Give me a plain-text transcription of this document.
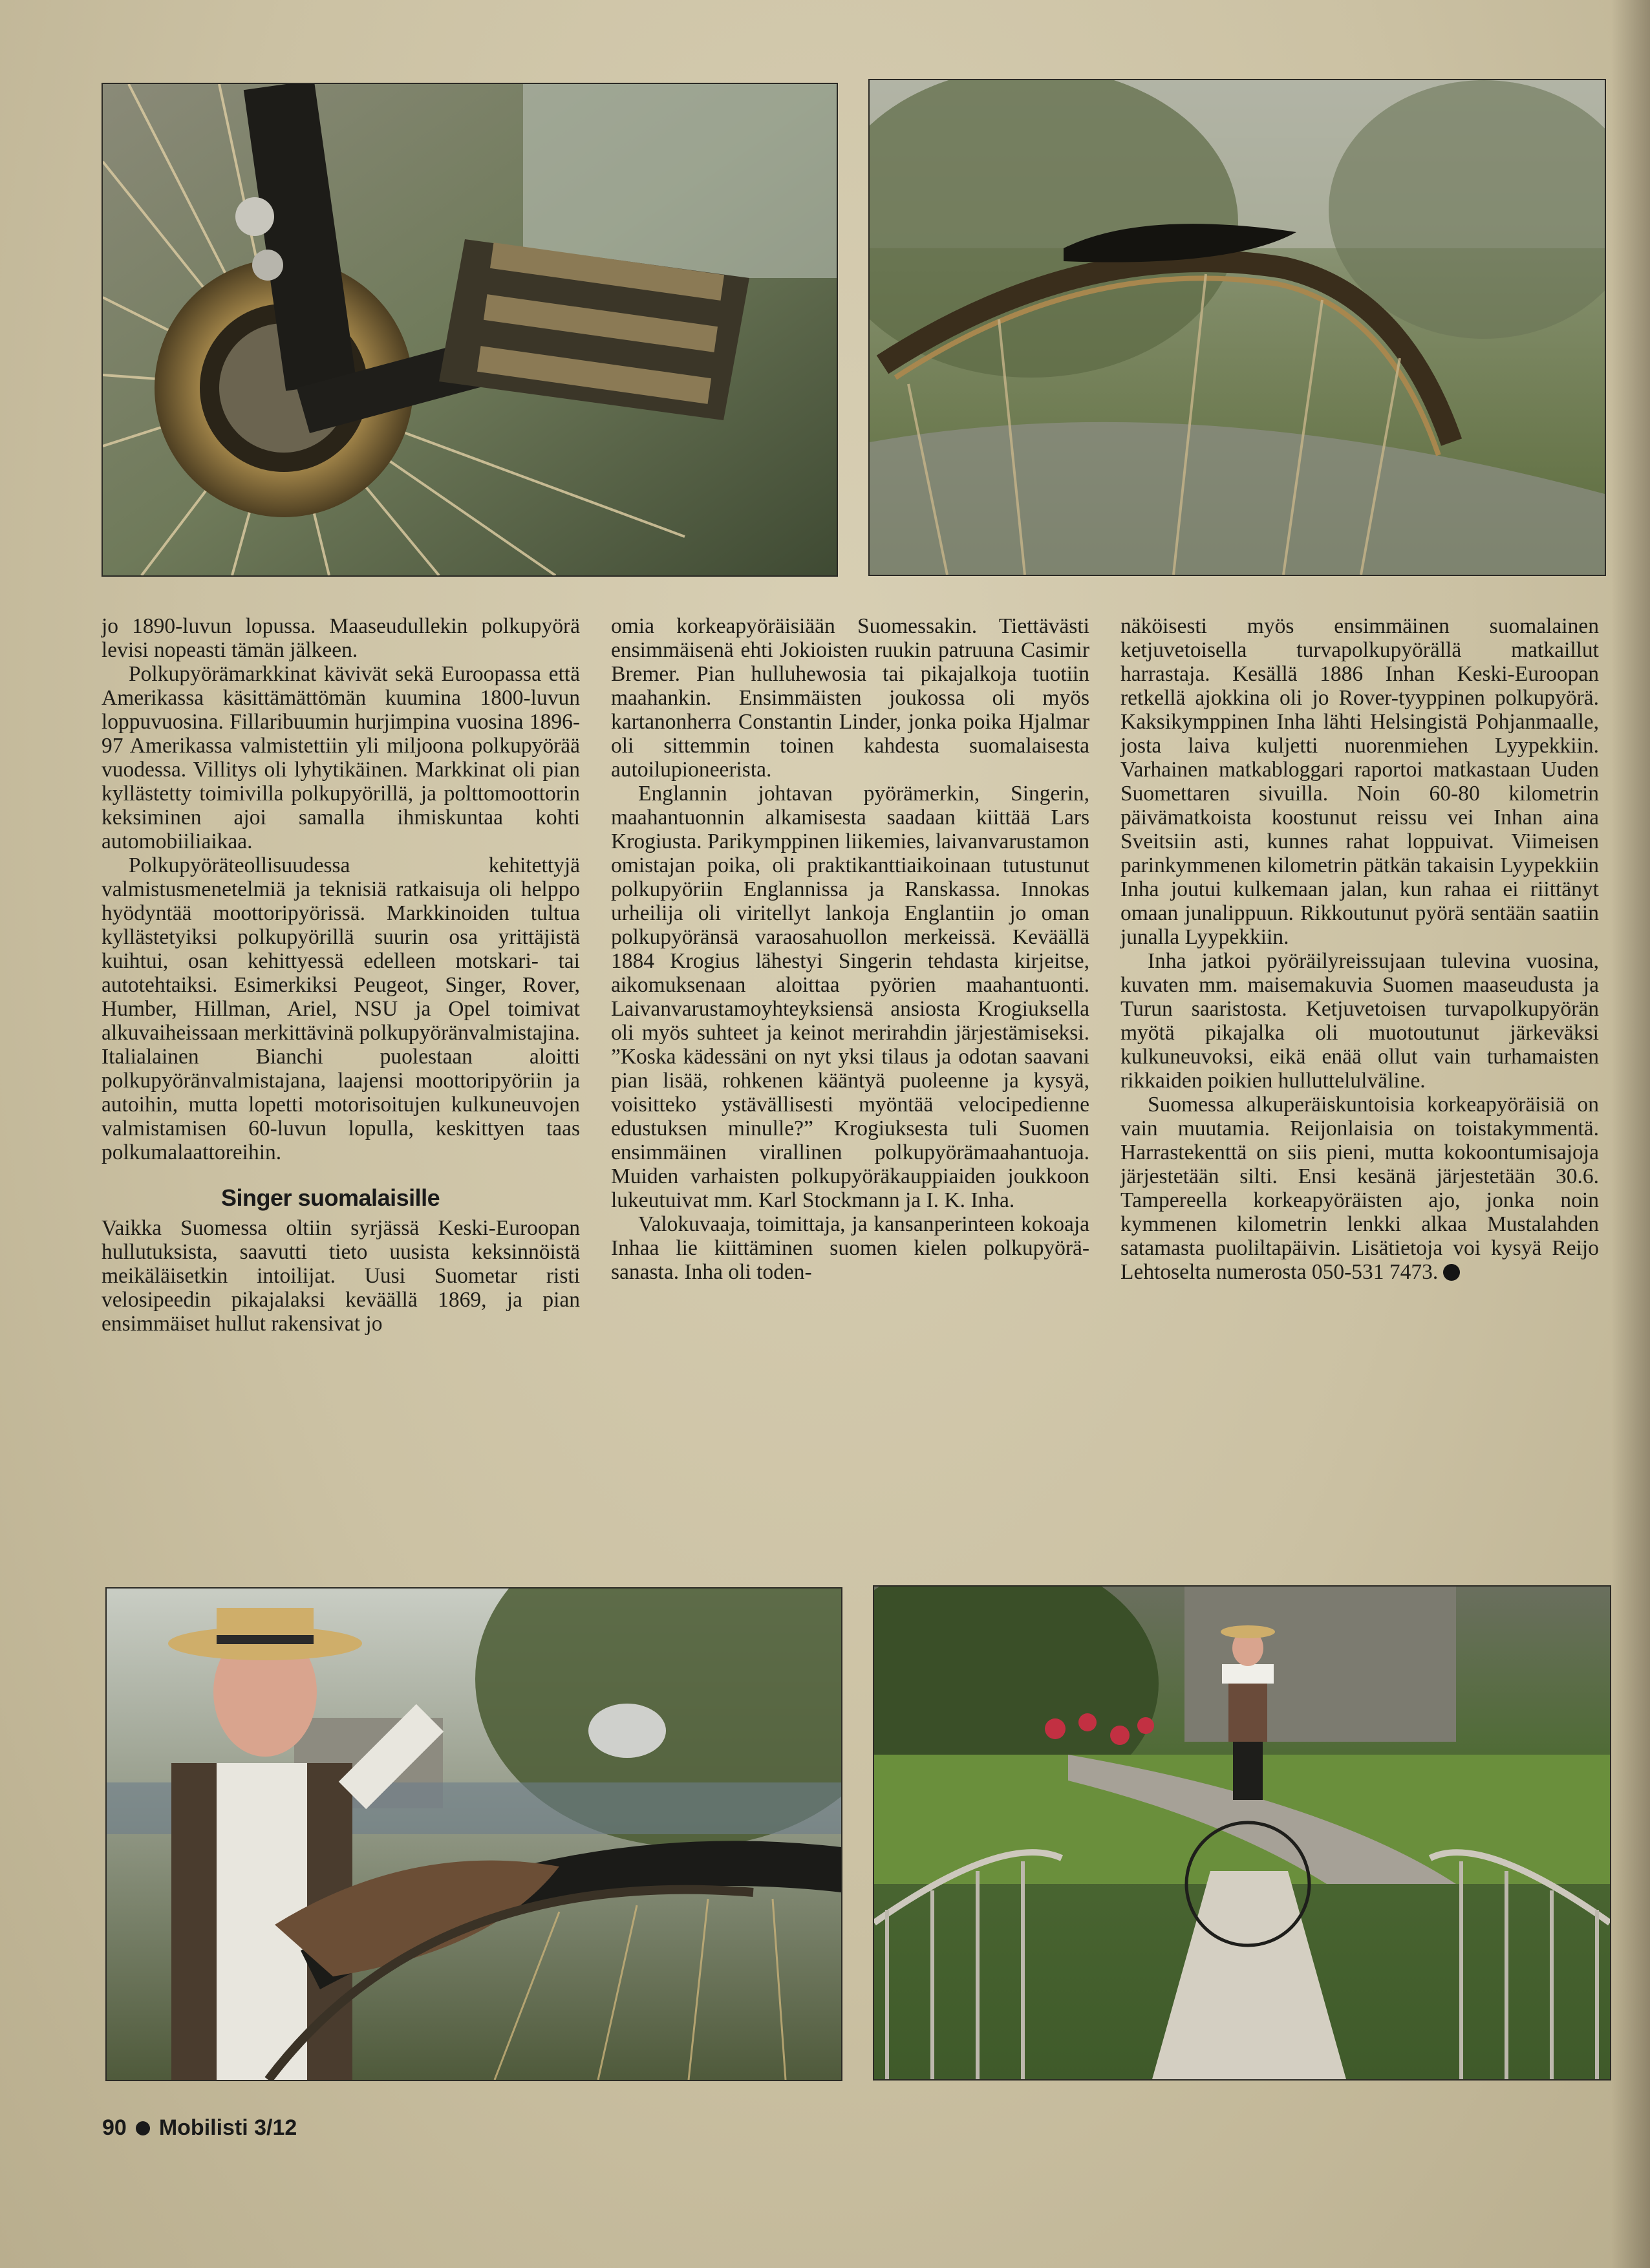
jo 1890-luvun lopussa. Maaseudullekin polkupyörä levisi nopeasti tämän jälkeen.

Polkupyörämarkkinat kävivät sekä Euroopassa että Amerikassa käsittämättömän kuumina 1800-luvun loppuvuosina. Fillaribuumin hurjimpina vuosina 1896-97 Amerikassa valmistettiin yli miljoona polkupyörää vuodessa. Villitys oli lyhytikäinen. Markkinat oli pian kyllästetty toimivilla polkupyörillä, ja polttomoottorin keksiminen ajoi samalla ihmiskuntaa kohti automobiiliaikaa.

Polkupyöräteollisuudessa kehitettyjä valmistusmenetelmiä ja teknisiä ratkaisuja oli helppo hyödyntää moottoripyörissä. Markkinoiden tultua kyllästetyiksi polkupyörillä suurin osa yrittäjistä kuihtui, osan kehittyessä edelleen motskari- tai autotehtaiksi. Esimerkiksi Peugeot, Singer, Rover, Humber, Hillman, Ariel, NSU ja Opel toimivat alkuvaiheissaan merkittävinä polkupyöränvalmistajina. Italialainen Bianchi puolestaan aloitti polkupyöränvalmistajana, laajensi moottoripyöriin ja autoihin, mutta lopetti motorisoitujen kulkuneuvojen valmistamisen 60-luvun lopulla, keskittyen taas polkumalaattoreihin.

Singer suomalaisille

Vaikka Suomessa oltiin syrjässä Keski-Euroopan hullutuksista, saavutti tieto uusista keksinnöistä meikäläisetkin intoilijat. Uusi Suometar risti velosipeedin pikajalaksi keväällä 1869, ja pian ensimmäiset hullut rakensivat jo

omia korkeapyöräisiään Suomessakin. Tiettävästi ensimmäisenä ehti Jokioisten ruukin patruuna Casimir Bremer. Pian hulluhewosia tai pikajalkoja tuotiin maahankin. Ensimmäisten joukossa oli myös kartanonherra Constantin Linder, jonka poika Hjalmar oli sittemmin toinen kahdesta suomalaisesta autoilupioneerista.

Englannin johtavan pyörämerkin, Singerin, maahantuonnin alkamisesta saadaan kiittää Lars Krogiusta. Parikymppinen liikemies, laivanvarustamon omistajan poika, oli praktikanttiaikoinaan tutustunut polkupyöriin Englannissa ja Ranskassa. Innokas urheilija oli viritellyt lankoja Englantiin jo oman polkupyöränsä varaosahuollon merkeissä. Keväällä 1884 Krogius lähestyi Singerin tehdasta kirjeitse, aikomuksenaan aloittaa pyörien maahantuonti. Laivanvarustamoyhteyksiensä ansiosta Krogiuksella oli myös suhteet ja keinot merirahdin järjestämiseksi. ”Koska kädessäni on nyt yksi tilaus ja odotan saavani pian lisää, rohkenen kääntyä puoleenne ja kysyä, voisitteko ystävällisesti myöntää velocipedienne edustuksen minulle?” Krogiuksesta tuli Suomen ensimmäinen virallinen polkupyörämaahantuoja. Muiden varhaisten polkupyöräkauppiaiden joukkoon lukeutuivat mm. Karl Stockmann ja I. K. Inha.

Valokuvaaja, toimittaja, ja kansanperinteen kokoaja Inhaa lie kiittäminen suomen kielen polkupyörä-sanasta. Inha oli toden-

näköisesti myös ensimmäinen suomalainen ketjuvetoisella turvapolkupyörällä matkaillut harrastaja. Kesällä 1886 Inhan Keski-Euroopan retkellä ajokkina oli jo Rover-tyyppinen polkupyörä. Kaksikymppinen Inha lähti Helsingistä Pohjanmaalle, josta laiva kuljetti nuorenmiehen Lyypekkiin. Varhainen matkabloggari raportoi matkastaan Uuden Suomettaren sivuilla. Noin 60-80 kilometrin päivämatkoista koostunut reissu vei Inhan aina Sveitsiin asti, kunnes rahat loppuivat. Viimeisen parinkymmenen kilometrin pätkän takaisin Lyypekkiin Inha joutui kulkemaan jalan, kun rahaa ei riittänyt omaan junalippuun. Rikkoutunut pyörä sentään saatiin junalla Lyypekkiin.

Inha jatkoi pyöräilyreissujaan tulevina vuosina, kuvaten mm. maisemakuvia Suomen maaseudusta ja Turun saaristosta. Ketjuvetoisen turvapolkupyörän myötä pikajalka oli muotoutunut järkeväksi kulkuneuvoksi, eikä enää ollut vain turhamaisten rikkaiden poikien hulluttelulväline.

Suomessa alkuperäiskuntoisia korkeapyöräisiä on vain muutamia. Reijonlaisia on toistakymmentä. Harrastekenttä on siis pieni, mutta kokoontumisajoja järjestetään silti. Ensi kesänä järjestetään 30.6. Tampereella korkeapyöräisten ajo, jonka noin kymmenen kilometrin lenkki alkaa Mustalahden satamasta puoliltapäivin. Lisätietoja voi kysyä Reijo Lehtoselta numerosta 050-531 7473.

90 Mobilisti 3/12
